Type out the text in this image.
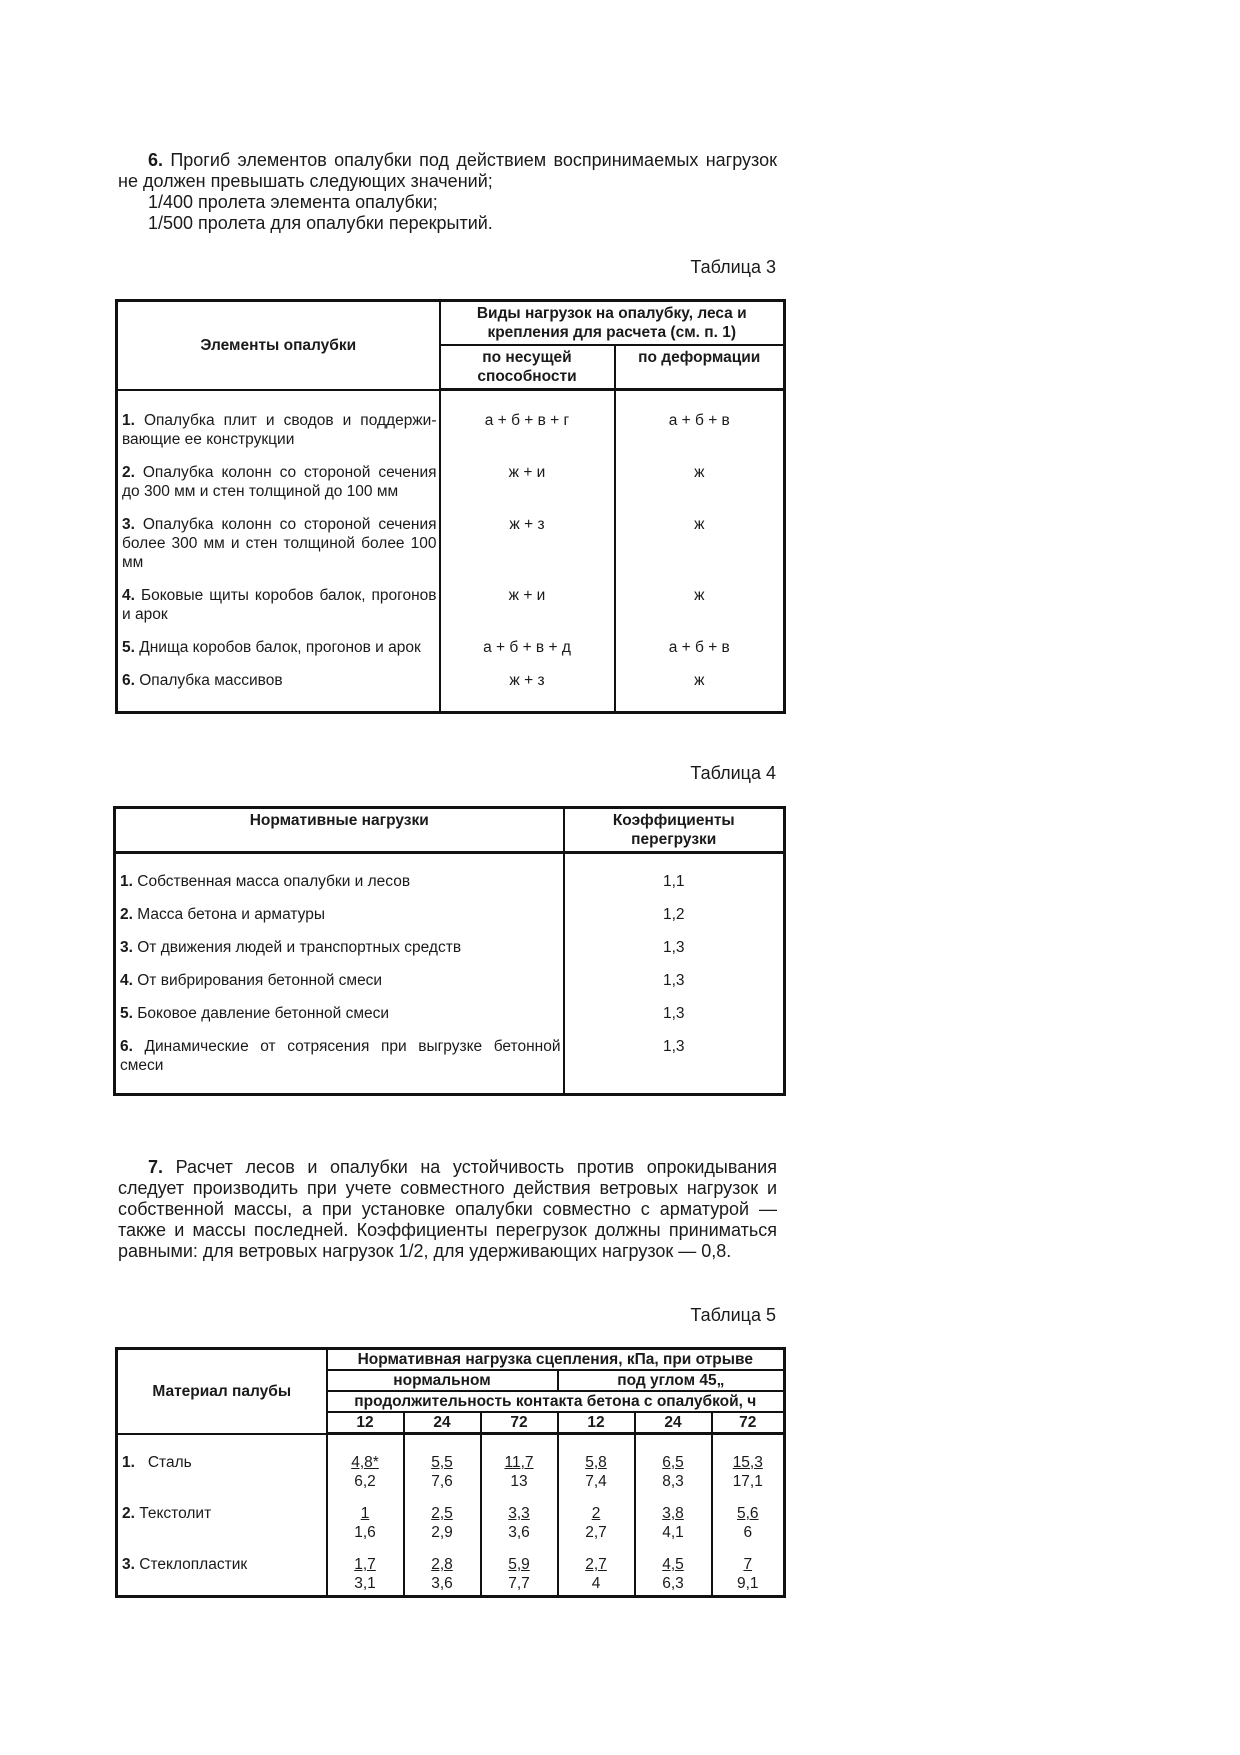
6. Прогиб элементов опалубки под действием воспринимаемых нагрузок не должен превышать следующих значений;

1/400 пролета элемента опалубки;

1/500 пролета для опалубки перекрытий.

Таблица 3

Элементы опалубки	Виды нагрузок на опалубку, леса и крепления для расчета (см. п. 1)	
	по несущей способности	по деформации
1. Опалубка плит и сводов и поддержи-вающие ее конструкции	а + б + в + г	а + б + в
2. Опалубка колонн со стороной сечения до 300 мм и стен толщиной до 100 мм	ж + и	ж
3. Опалубка колонн со стороной сечения более 300 мм и стен толщиной более 100 мм	ж + з	ж
4. Боковые щиты коробов балок, прогонов и арок	ж + и	ж
5. Днища коробов балок, прогонов и арок	а + б + в + д	а + б + в
6. Опалубка массивов	ж + з	ж

Таблица 4

Нормативные нагрузки	Коэффициенты перегрузки
1. Собственная масса опалубки и лесов	1,1
2. Масса бетона и арматуры	1,2
3. От движения людей и транспортных средств	1,3
4. От вибрирования бетонной смеси	1,3
5. Боковое давление бетонной смеси	1,3
6. Динамические от сотрясения при выгрузке бетонной смеси	1,3

7. Расчет лесов и опалубки на устойчивость против опрокидывания следует производить при учете совместного действия ветровых нагрузок и собственной массы, а при установке опалубки совместно с арматурой — также и массы последней. Коэффициенты перегрузок должны приниматься равными: для ветровых нагрузок 1/2, для удерживающих нагрузок — 0,8.

Таблица 5

Материал палубы	Нормативная нагрузка сцепления, кПа, при отрыве					
	нормальном			под углом 45„		
	продолжительность контакта бетона с опалубкой, ч					
	12	24	72	12	24	72
1. Сталь	$\frac{4,8*}{6,2}$	$\frac{5,5}{7,6}$	$\frac{11,7}{13}$	$\frac{5,8}{7,4}$	$\frac{6,5}{8,3}$	$\frac{15,3}{17,1}$

2. Текстолит	$\frac{1}{1,6}$	$\frac{2,5}{2,9}$	$\frac{3,3}{3,6}$	$\frac{2}{2,7}$	$\frac{3,8}{4,1}$	$\frac{5,6}{6}$

3. Стеклопластик	$\frac{1,7}{3,1}$	$\frac{2,8}{3,6}$	$\frac{5,9}{7,7}$	$\frac{2,7}{4}$	$\frac{4,5}{6,3}$	$\frac{7}{9,1}$
